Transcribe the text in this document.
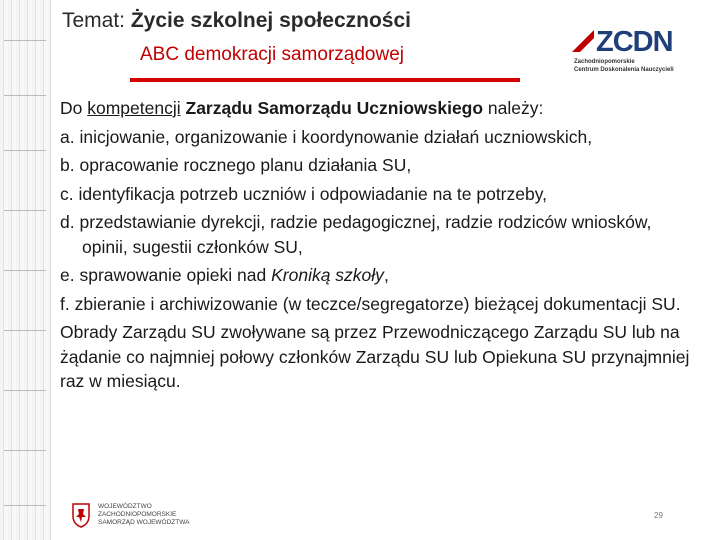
Temat: Życie szkolnej społeczności
ABC demokracji samorządowej	ZCDN
Zachodniopomorskie
Centrum Doskonalenia Nauczycieli

Do kompetencji Zarządu Samorządu Uczniowskiego należy:

a. inicjowanie, organizowanie i koordynowanie działań uczniowskich,

b. opracowanie rocznego planu działania SU,

c. identyfikacja potrzeb uczniów i odpowiadanie na te potrzeby,

d. przedstawianie dyrekcji, radzie pedagogicznej, radzie rodziców wniosków, opinii, sugestii członków SU,

e. sprawowanie opieki nad Kroniką szkoły,

f. zbieranie i archiwizowanie (w teczce/segregatorze) bieżącej dokumentacji SU.

Obrady Zarządu SU zwoływane są przez Przewodniczącego Zarządu SU lub na żądanie co najmniej połowy członków Zarządu SU lub Opiekuna SU przynajmniej raz w miesiącu.

WOJEWÓDZTWO ZACHODNIOPOMORSKIE
SAMORZĄD WOJEWÓDZTWA
29
